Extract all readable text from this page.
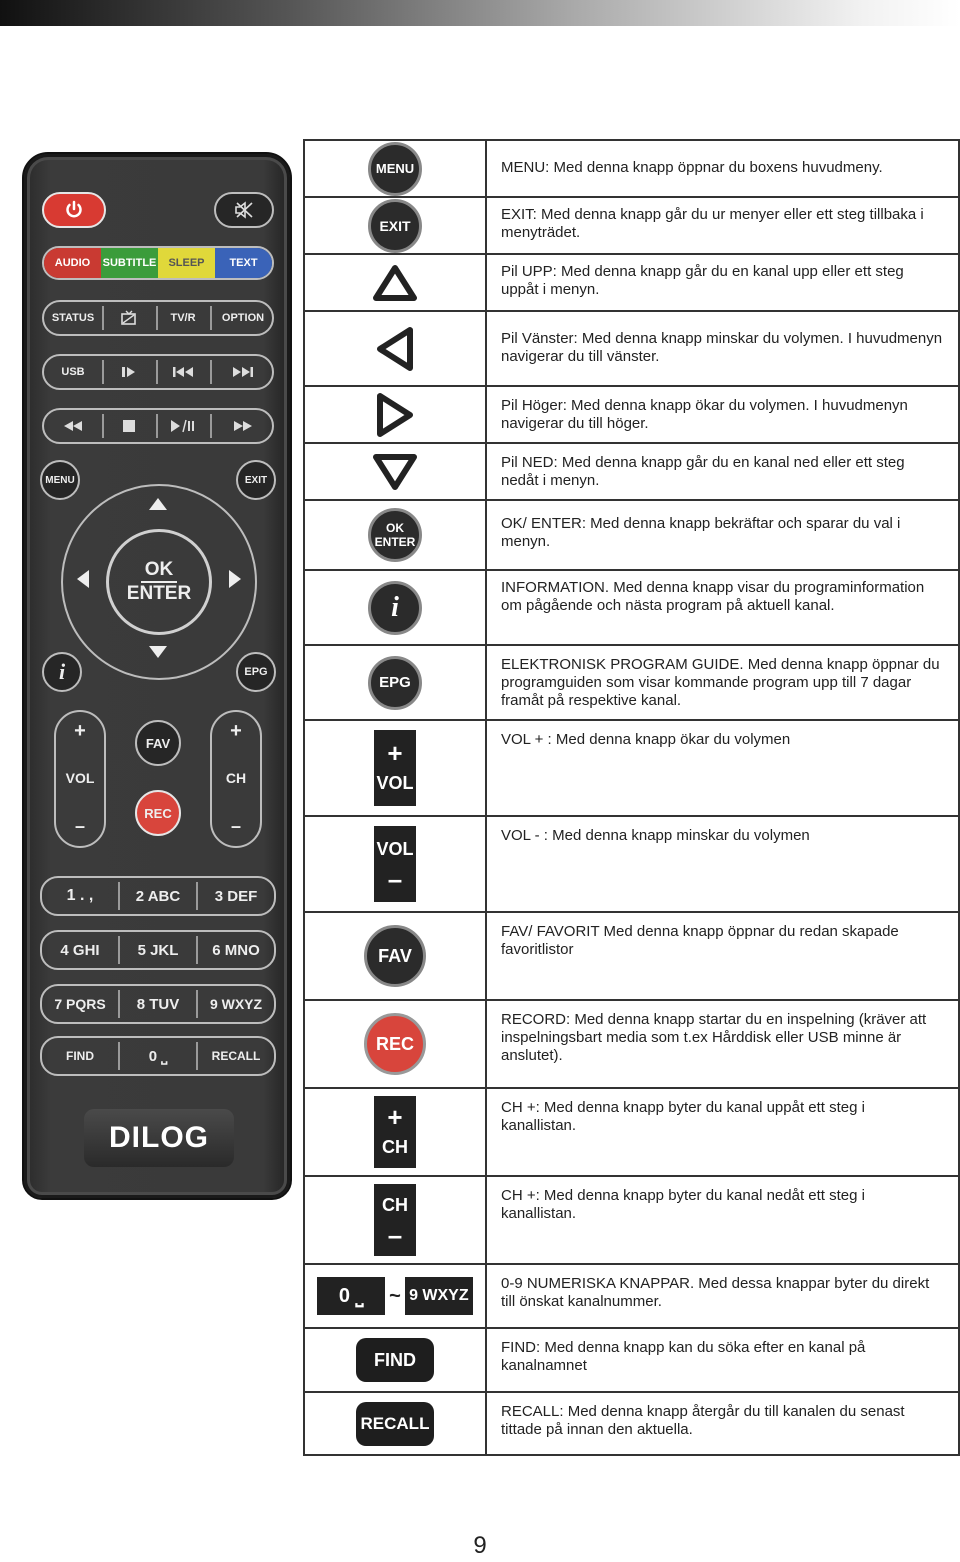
AUDIO	SUBTITLE	SLEEP	TEXT
STATUS	TV/R	OPTION
USB
MENU	EXIT
OK
ENTER
i	EPG
+
VOL
–
+
CH
–
FAV
REC
1 . ,	2 ABC	3 DEF
4 GHI	5 JKL	6 MNO
7 PQRS	8 TUV	9 WXYZ
FIND	0 ⎵	RECALL
DILOG
MENU	MENU: Med denna knapp öppnar du boxens huvudmeny.

EXIT	EXIT: Med denna knapp går du ur menyer eller ett steg tillbaka i menyträdet.

	Pil UPP: Med denna knapp går du en kanal upp eller ett steg uppåt i menyn.

	Pil Vänster: Med denna knapp minskar du volymen. I huvudmenyn navigerar du till vänster.

	Pil Höger: Med denna knapp ökar du volymen. I huvudmenyn navigerar du till höger.

	Pil NED: Med denna knapp går du en kanal ned eller ett steg nedåt i menyn.

OK
ENTER	OK/ ENTER: Med denna knapp bekräftar och sparar du val i menyn.

i	INFORMATION. Med denna knapp visar du programinformation om pågående och nästa program på aktuell kanal.

EPG	ELEKTRONISK PROGRAM GUIDE. Med denna knapp öppnar du programguiden som visar kommande program upp till 7 dagar framåt på respektive kanal.

+
VOL	VOL + : Med denna knapp ökar du volymen

VOL
–	VOL - : Med denna knapp minskar du volymen

FAV	FAV/ FAVORIT Med denna knapp öppnar du redan skapade favoritlistor

REC	RECORD: Med denna knapp startar du en inspelning (kräver att inspelningsbart media som t.ex Hårddisk eller USB minne är anslutet).

+
CH	CH +: Med denna knapp byter du kanal uppåt ett steg i kanallistan.

CH
–	CH +: Med denna knapp byter du kanal nedåt ett steg i kanallistan.

0 ⎵ ~ 9 WXYZ	0-9 NUMERISKA KNAPPAR. Med dessa knappar byter du direkt till önskat kanalnummer.

FIND	FIND: Med denna knapp kan du söka efter en kanal på kanalnamnet

RECALL	RECALL: Med denna knapp återgår du till kanalen du senast tittade på innan den aktuella.
9
